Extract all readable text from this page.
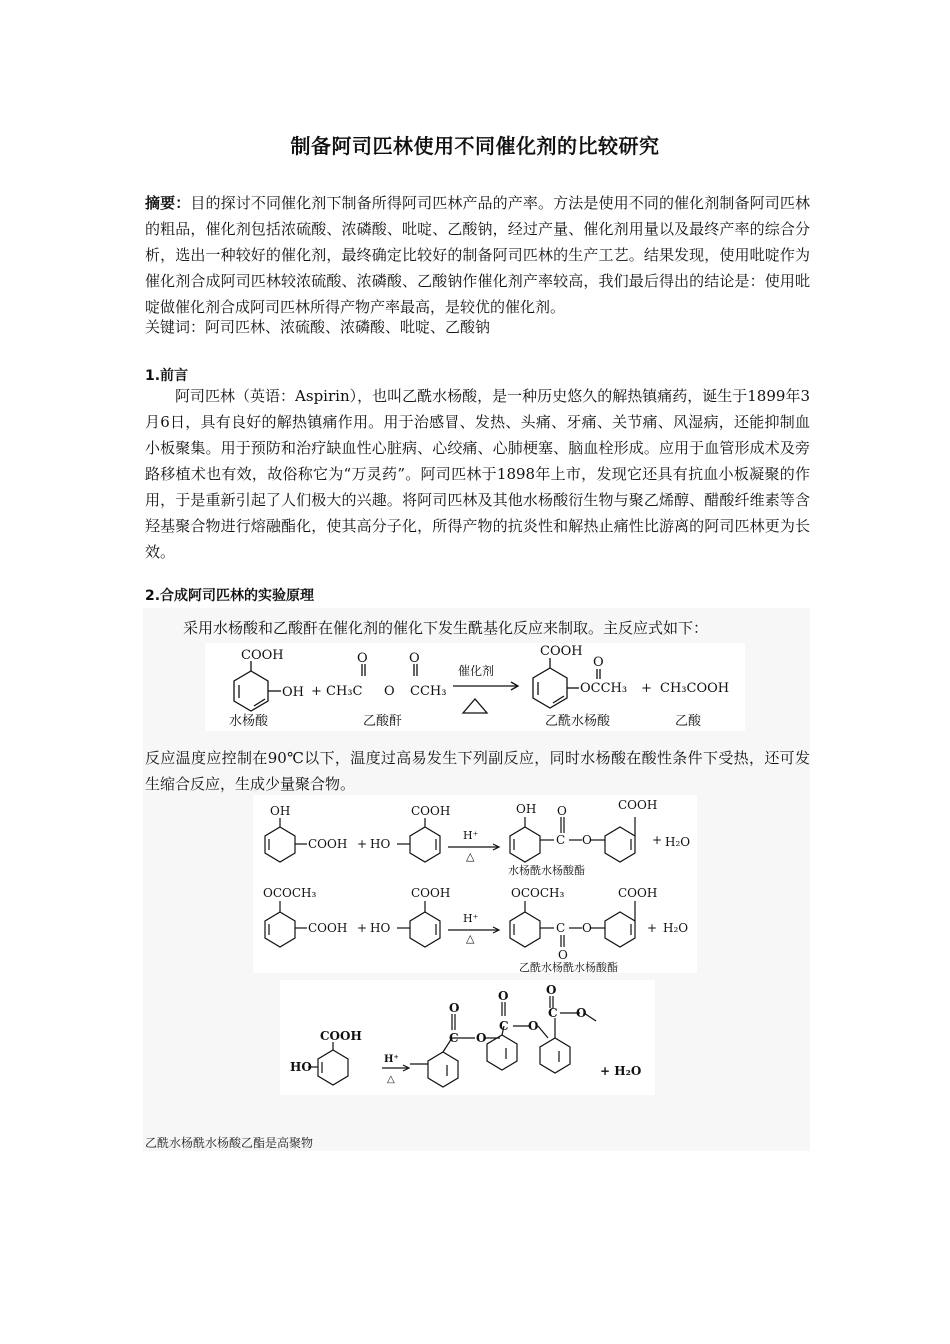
制备阿司匹林使用不同催化剂的比较研究
摘要：目的探讨不同催化剂下制备所得阿司匹林产品的产率。方法是使用不同的催化剂制备阿司匹林的粗品，催化剂包括浓硫酸、浓磷酸、吡啶、乙酸钠，经过产量、催化剂用量以及最终产率的综合分析，选出一种较好的催化剂，最终确定比较好的制备阿司匹林的生产工艺。结果发现，使用吡啶作为催化剂合成阿司匹林较浓硫酸、浓磷酸、乙酸钠作催化剂产率较高，我们最后得出的结论是：使用吡啶做催化剂合成阿司匹林所得产物产率最高，是较优的催化剂。
关键词：阿司匹林、浓硫酸、浓磷酸、吡啶、乙酸钠
1.前言
阿司匹林（英语：Aspirin），也叫乙酰水杨酸，是一种历史悠久的解热镇痛药，诞生于1899年3月6日，具有良好的解热镇痛作用。用于治感冒、发热、头痛、牙痛、关节痛、风湿病，还能抑制血小板聚集。用于预防和治疗缺血性心脏病、心绞痛、心肺梗塞、脑血栓形成。应用于血管形成术及旁路移植术也有效，故俗称它为“万灵药”。阿司匹林于1898年上市，发现它还具有抗血小板凝聚的作用，于是重新引起了人们极大的兴趣。将阿司匹林及其他水杨酸衍生物与聚乙烯醇、醋酸纤维素等含羟基聚合物进行熔融酯化，使其高分子化，所得产物的抗炎性和解热止痛性比游离的阿司匹林更为长效。
2.合成阿司匹林的实验原理
采用水杨酸和乙酸酐在催化剂的催化下发生酰基化反应来制取。主反应式如下：
COOH
OH +
O	O
CH₃C O CCH₃
催化剂
COOH
O
OCCH₃ + CH₃COOH
水杨酸	乙酸酐	乙酰水杨酸	乙酸
反应温度应控制在90℃以下，温度过高易发生下列副反应，同时水杨酸在酸性条件下受热，还可发生缩合反应，生成少量聚合物。
OH
COOH + HO
COOH
H⁺
△
OH O
C O
COOH
+ H₂O
水杨酰水杨酸酯
OCOCH₃
COOH + HO
COOH
H⁺
△
OCOCH₃
C
O
O
COOH
+ H₂O
乙酰水杨酰水杨酸酯
COOH
HO
H⁺
△
O
C O
O
C O
O
C O
+ H₂O
乙酰水杨酰水杨酸乙酯是高聚物
